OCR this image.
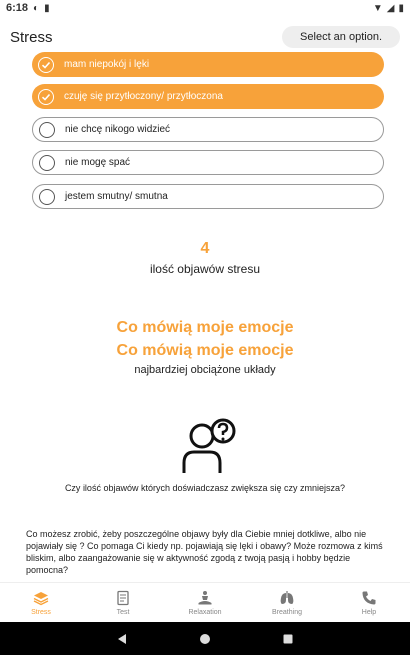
6:18 ◐ ▮	▼ ◢ ▮
Stress	Select an option.
mam niepokój i lęki
czuję się przytłoczony/ przytłoczona
nie chcę nikogo widzieć
nie mogę spać
jestem smutny/ smutna
4
ilość objawów stresu
Co mówią moje emocje
Co mówią moje emocje
najbardziej obciążone układy
Czy ilość objawów których doświadczasz zwiększa się czy zmniejsza?
Co możesz zrobić, żeby poszczególne objawy były dla Ciebie mniej dotkliwe, albo nie pojawiały się ? Co pomaga Ci kiedy np. pojawiają się lęki i obawy? Może rozmowa z kimś bliskim, albo zaangażowanie się w aktywność zgodą z twoją pasją i hobby będzie pomocna?
Stress	Test	Relaxation	Breathing	Help
